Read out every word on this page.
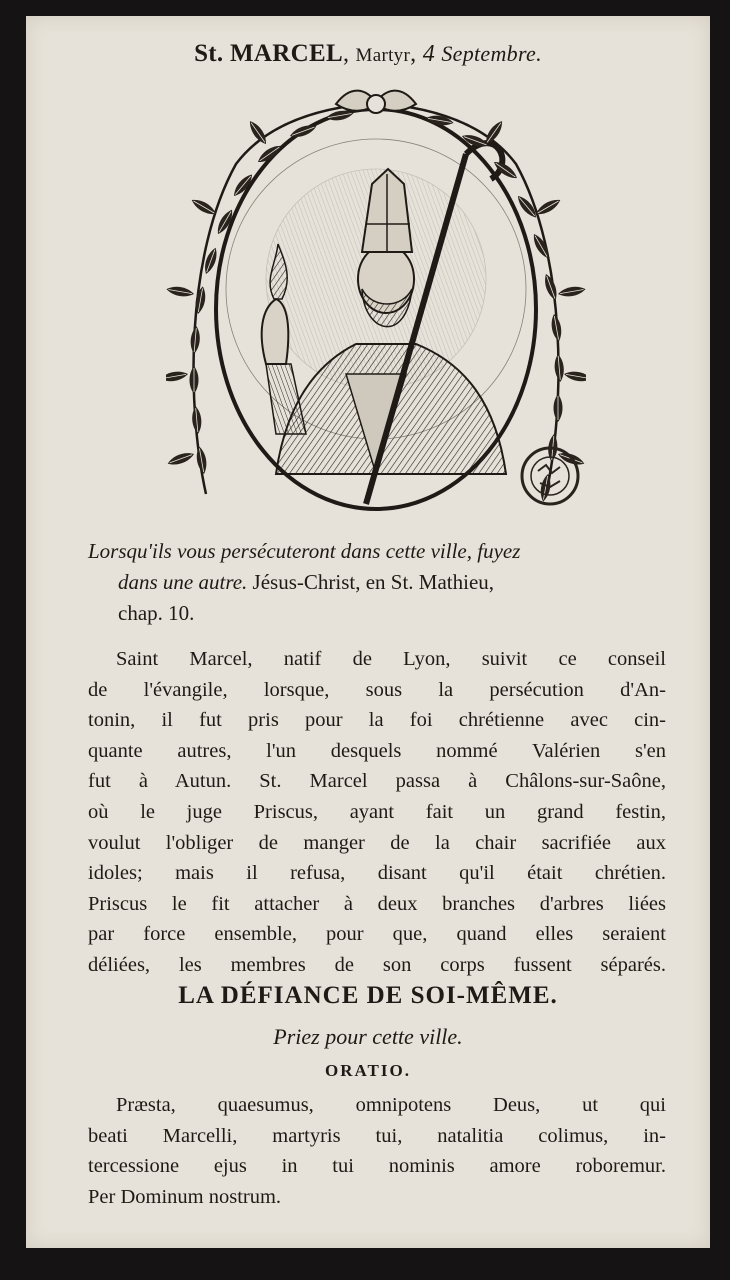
St. MARCEL, Martyr, 4 Septembre.
Lorsqu'ils vous persécuteront dans cette ville, fuyez
dans une autre. Jésus-Christ, en St. Mathieu,
chap. 10.
Saint Marcel, natif de Lyon, suivit ce conseil
de l'évangile, lorsque, sous la persécution d'An-
tonin, il fut pris pour la foi chrétienne avec cin-
quante autres, l'un desquels nommé Valérien s'en
fut à Autun. St. Marcel passa à Châlons-sur-Saône,
où le juge Priscus, ayant fait un grand festin,
voulut l'obliger de manger de la chair sacrifiée aux
idoles; mais il refusa, disant qu'il était chrétien.
Priscus le fit attacher à deux branches d'arbres liées
par force ensemble, pour que, quand elles seraient
déliées, les membres de son corps fussent séparés.
LA DÉFIANCE DE SOI-MÊME.
Priez pour cette ville.
ORATIO.
Præsta, quaesumus, omnipotens Deus, ut qui
beati Marcelli, martyris tui, natalitia colimus, in-
tercessione ejus in tui nominis amore roboremur.
Per Dominum nostrum.
